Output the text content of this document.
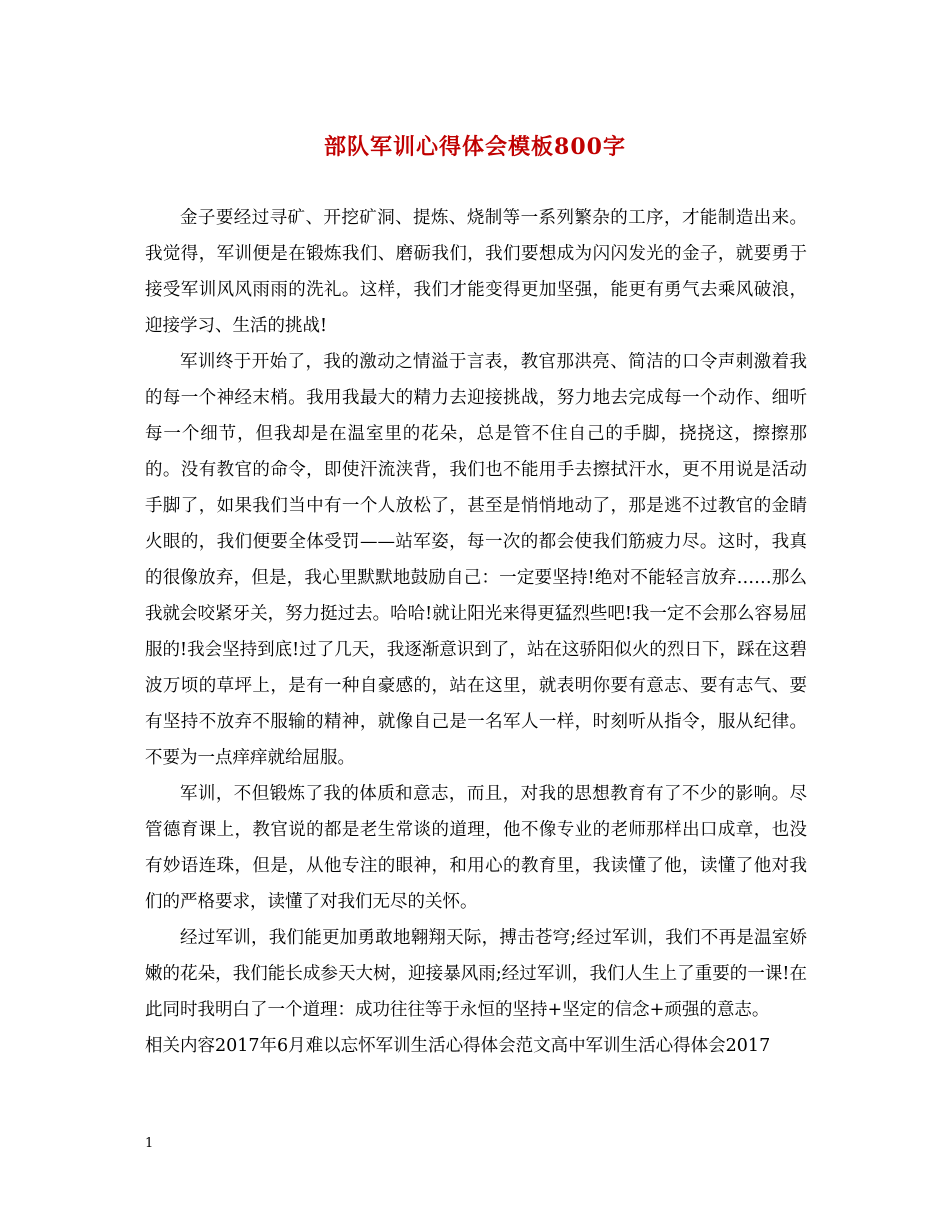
部队军训心得体会模板800字

金子要经过寻矿、开挖矿洞、提炼、烧制等一系列繁杂的工序，才能制造出来。我觉得，军训便是在锻炼我们、磨砺我们，我们要想成为闪闪发光的金子，就要勇于接受军训风风雨雨的洗礼。这样，我们才能变得更加坚强，能更有勇气去乘风破浪，迎接学习、生活的挑战!

军训终于开始了，我的激动之情溢于言表，教官那洪亮、简洁的口令声刺激着我的每一个神经末梢。我用我最大的精力去迎接挑战，努力地去完成每一个动作、细听每一个细节，但我却是在温室里的花朵，总是管不住自己的手脚，挠挠这，擦擦那的。没有教官的命令，即使汗流浃背，我们也不能用手去擦拭汗水，更不用说是活动手脚了，如果我们当中有一个人放松了，甚至是悄悄地动了，那是逃不过教官的金睛火眼的，我们便要全体受罚——站军姿，每一次的都会使我们筋疲力尽。这时，我真的很像放弃，但是，我心里默默地鼓励自己：一定要坚持!绝对不能轻言放弃……那么我就会咬紧牙关，努力挺过去。哈哈!就让阳光来得更猛烈些吧!我一定不会那么容易屈服的!我会坚持到底!过了几天，我逐渐意识到了，站在这骄阳似火的烈日下，踩在这碧波万顷的草坪上，是有一种自豪感的，站在这里，就表明你要有意志、要有志气、要有坚持不放弃不服输的精神，就像自己是一名军人一样，时刻听从指令，服从纪律。不要为一点痒痒就给屈服。

军训，不但锻炼了我的体质和意志，而且，对我的思想教育有了不少的影响。尽管德育课上，教官说的都是老生常谈的道理，他不像专业的老师那样出口成章，也没有妙语连珠，但是，从他专注的眼神，和用心的教育里，我读懂了他，读懂了他对我们的严格要求，读懂了对我们无尽的关怀。

经过军训，我们能更加勇敢地翱翔天际，搏击苍穹;经过军训，我们不再是温室娇嫩的花朵，我们能长成参天大树，迎接暴风雨;经过军训，我们人生上了重要的一课!在此同时我明白了一个道理：成功往往等于永恒的坚持+坚定的信念+顽强的意志。

相关内容2017年6月难以忘怀军训生活心得体会范文高中军训生活心得体会2017

1
